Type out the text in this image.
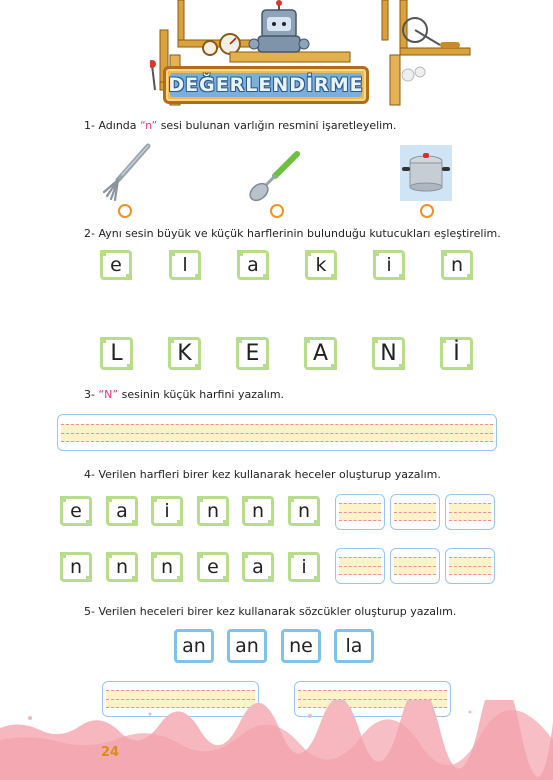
DEĞERLENDİRME
1- Adında “n” sesi bulunan varlığın resmini işaretleyelim.
2- Aynı sesin büyük ve küçük harflerinin bulunduğu kutucukları eşleştirelim.
e	l	a	k	i	n
L	K	E	A	N	İ
3- “N” sesinin küçük harfini yazalım.
4- Verilen harfleri birer kez kullanarak heceler oluşturup yazalım.
e	a	i	n	n	n
n	n	n	e	a	i
5- Verilen heceleri birer kez kullanarak sözcükler oluşturup yazalım.
an	an	ne	la
24
